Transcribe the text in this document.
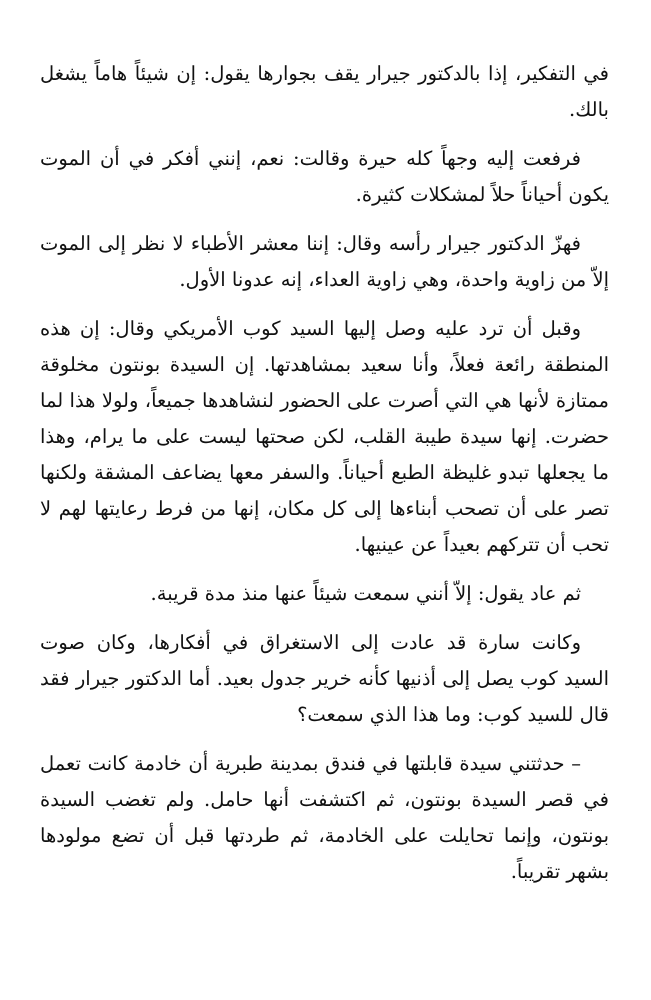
في التفكير، إذا بالدكتور جيرار يقف بجوارها يقول: إن شيئاً هاماً يشغل بالك.

فرفعت إليه وجهاً كله حيرة وقالت: نعم، إنني أفكر في أن الموت يكون أحياناً حلاً لمشكلات كثيرة.

فهزّ الدكتور جيرار رأسه وقال: إننا معشر الأطباء لا نظر إلى الموت إلاّ من زاوية واحدة، وهي زاوية العداء، إنه عدونا الأول.

وقبل أن ترد عليه وصل إليها السيد كوب الأمريكي وقال: إن هذه المنطقة رائعة فعلاً، وأنا سعيد بمشاهدتها. إن السيدة بونتون مخلوقة ممتازة لأنها هي التي أصرت على الحضور لنشاهدها جميعاً، ولولا هذا لما حضرت. إنها سيدة طيبة القلب، لكن صحتها ليست على ما يرام، وهذا ما يجعلها تبدو غليظة الطبع أحياناً. والسفر معها يضاعف المشقة ولكنها تصر على أن تصحب أبناءها إلى كل مكان، إنها من فرط رعايتها لهم لا تحب أن تتركهم بعيداً عن عينيها.

ثم عاد يقول: إلاّ أنني سمعت شيئاً عنها منذ مدة قريبة.

وكانت سارة قد عادت إلى الاستغراق في أفكارها، وكان صوت السيد كوب يصل إلى أذنيها كأنه خرير جدول بعيد. أما الدكتور جيرار فقد قال للسيد كوب: وما هذا الذي سمعت؟

– حدثتني سيدة قابلتها في فندق بمدينة طبرية أن خادمة كانت تعمل في قصر السيدة بونتون، ثم اكتشفت أنها حامل. ولم تغضب السيدة بونتون، وإنما تحايلت على الخادمة، ثم طردتها قبل أن تضع مولودها بشهر تقريباً.
